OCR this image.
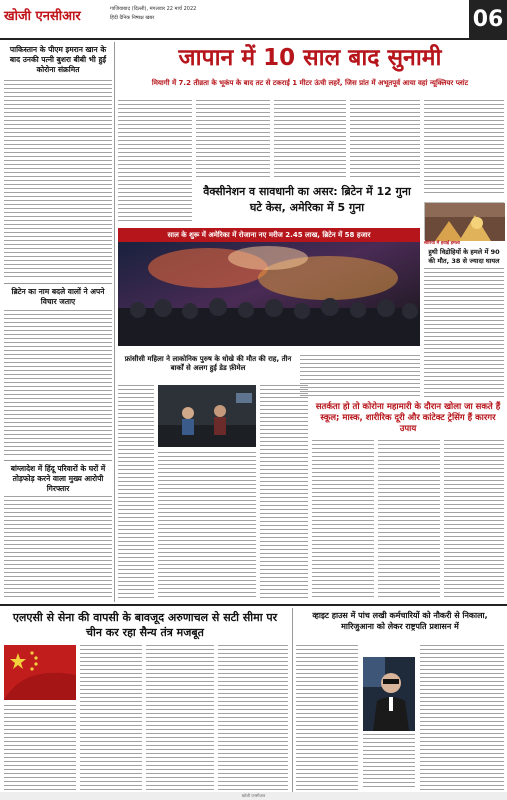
खोजी एनसीआर	गाजियाबाद (दिल्ली), मंगलवार 22 मार्च 2022
हिंदी दैनिक निष्पक्ष खबर	06
पाकिस्तान के पीएम इमरान खान के बाद उनकी पत्नी बुशरा बीबी भी हुईं कोरोना संक्रमित
ब्रिटेन का नाम बदले वालों ने अपने विचार जताए
बांग्लादेश में हिंदू परिवारों के घरों में तोड़फोड़ करने वाला मुख्य आरोपी गिरफ्तार
जापान में 10 साल बाद सुनामी
मियागी में 7.2 तीव्रता के भूकंप के बाद तट से टकराई 1 मीटर ऊंची लहरें, जिस प्रांत में अभूतपूर्व आया वहां न्यूक्लियर प्लांट
वैक्सीनेशन व सावधानी का असर: ब्रिटेन में 12 गुना घटे केस, अमेरिका में 5 गुना
सीरिया में हवाई हमला
हुथी विद्रोहियों के हमले में 90 की मौत, 38 से ज्यादा घायल
साल के शुरू में अमेरिका में रोजाना नए मरीज 2.45 लाख, ब्रिटेन में 58 हजार
फ्रांसीसी महिला ने लाकोनिक पुरुष के धोखे की मौत की राह, तीन बार्कों से अलग हुई डेड फ़ीमेल
सतर्कता हो तो कोरोना महामारी के दौरान खोला जा सकते हैं स्कूल; मास्क, शारीरिक दूरी और कांटेक्ट ट्रेसिंग हैं कारगर उपाय
एलएसी से सेना की वापसी के बावजूद अरुणाचल से सटी सीमा पर चीन कर रहा सैन्य तंत्र मजबूत
व्हाइट हाउस में पांच लखी कर्मचारियों को नौकरी से निकाला, मारिजुआना को लेकर राष्ट्रपति प्रशासन में
खोजी एनसीआर
